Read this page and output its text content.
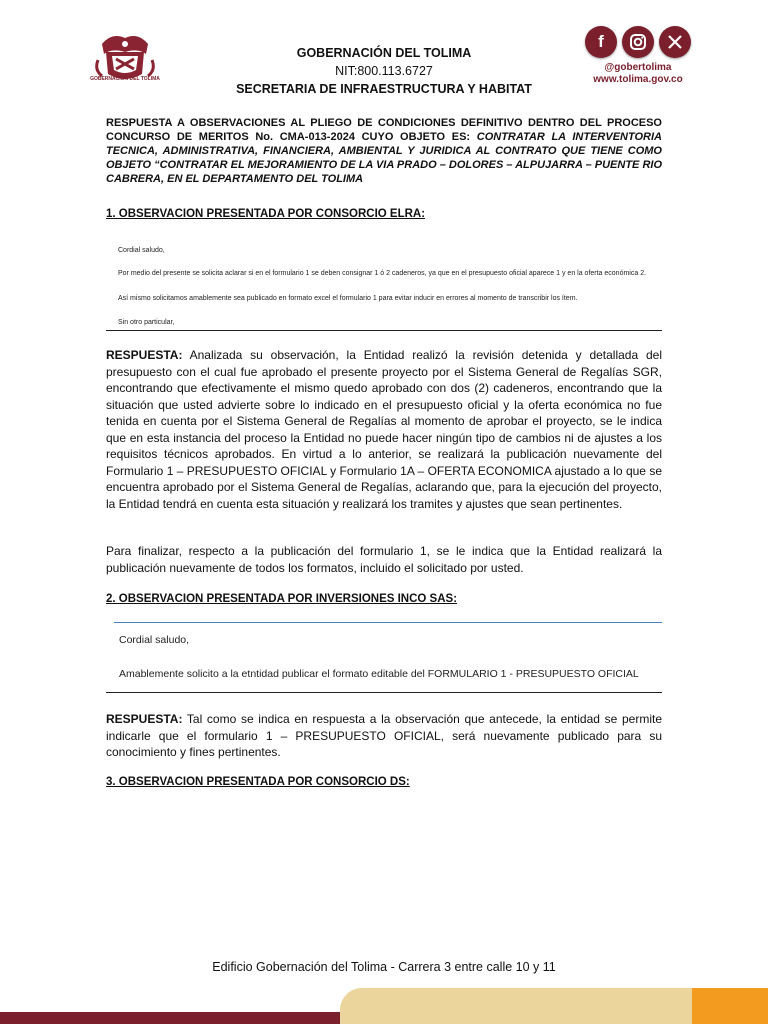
GOBERNACIÓN DEL TOLIMA
GOBERNACIÓN DEL TOLIMA
NIT:800.113.6727
SECRETARIA DE INFRAESTRUCTURA Y HABITAT
f
@gobertolima
www.tolima.gov.co

RESPUESTA A OBSERVACIONES AL PLIEGO DE CONDICIONES DEFINITIVO DENTRO DEL PROCESO CONCURSO DE MERITOS No. CMA-013-2024 CUYO OBJETO ES: CONTRATAR LA INTERVENTORIA TECNICA, ADMINISTRATIVA, FINANCIERA, AMBIENTAL Y JURIDICA AL CONTRATO QUE TIENE COMO OBJETO “CONTRATAR EL MEJORAMIENTO DE LA VIA PRADO – DOLORES – ALPUJARRA – PUENTE RIO CABRERA, EN EL DEPARTAMENTO DEL TOLIMA

1. OBSERVACION PRESENTADA POR CONSORCIO ELRA:

Cordial saludo,
Por medio del presente se solicita aclarar si en el formulario 1 se deben consignar 1 ó 2 cadeneros, ya que en el presupuesto oficial aparece 1 y en la oferta económica 2.
Así mismo solicitamos amablemente sea publicado en formato excel el formulario 1 para evitar inducir en errores al momento de transcribir los ítem.
Sin otro particular,

RESPUESTA: Analizada su observación, la Entidad realizó la revisión detenida y detallada del presupuesto con el cual fue aprobado el presente proyecto por el Sistema General de Regalías SGR, encontrando que efectivamente el mismo quedo aprobado con dos (2) cadeneros, encontrando que la situación que usted advierte sobre lo indicado en el presupuesto oficial y la oferta económica no fue tenida en cuenta por el Sistema General de Regalías al momento de aprobar el proyecto, se le indica que en esta instancia del proceso la Entidad no puede hacer ningún tipo de cambios ni de ajustes a los requisitos técnicos aprobados. En virtud a lo anterior, se realizará la publicación nuevamente del Formulario 1 – PRESUPUESTO OFICIAL y Formulario 1A – OFERTA ECONOMICA ajustado a lo que se encuentra aprobado por el Sistema General de Regalías, aclarando que, para la ejecución del proyecto, la Entidad tendrá en cuenta esta situación y realizará los tramites y ajustes que sean pertinentes.

Para finalizar, respecto a la publicación del formulario 1, se le indica que la Entidad realizará la publicación nuevamente de todos los formatos, incluido el solicitado por usted.

2. OBSERVACION PRESENTADA POR INVERSIONES INCO SAS:

Cordial saludo,
Amablemente solicito a la etntidad publicar el formato editable del FORMULARIO 1 - PRESUPUESTO OFICIAL

RESPUESTA: Tal como se indica en respuesta a la observación que antecede, la entidad se permite indicarle que el formulario 1 – PRESUPUESTO OFICIAL, será nuevamente publicado para su conocimiento y fines pertinentes.

3. OBSERVACION PRESENTADA POR CONSORCIO DS:

Edificio Gobernación del Tolima - Carrera 3 entre calle 10 y 11
